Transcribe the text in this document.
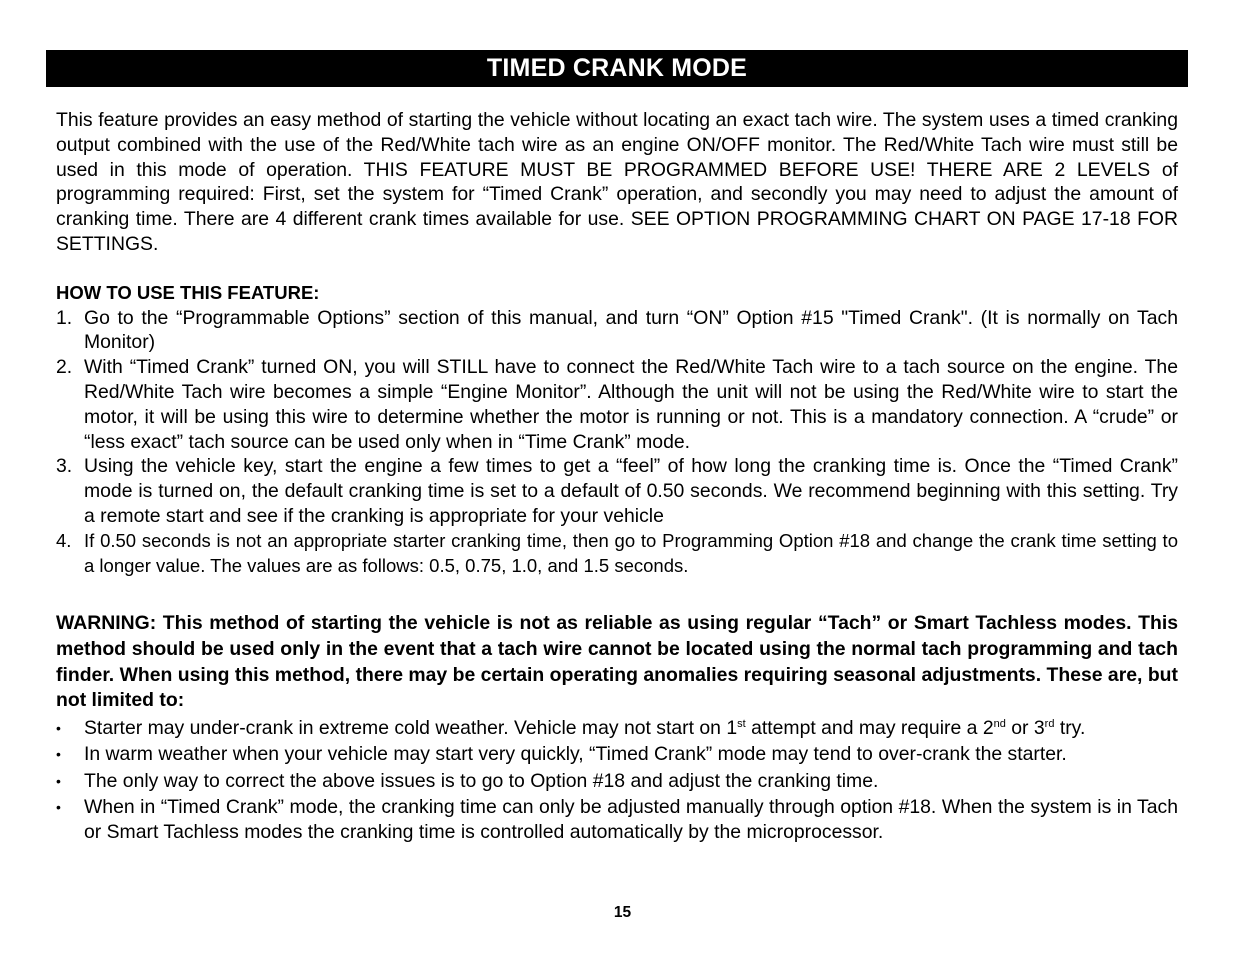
TIMED CRANK MODE

This feature provides an easy method of starting the vehicle without locating an exact tach wire. The system uses a timed cranking output combined with the use of the Red/White tach wire as an engine ON/OFF monitor. The Red/White Tach wire must still be used in this mode of operation. THIS FEATURE MUST BE PROGRAMMED BEFORE USE! THERE ARE 2 LEVELS of programming required: First, set the system for “Timed Crank” operation, and secondly you may need to adjust the amount of cranking time. There are 4 different crank times available for use. SEE OPTION PROGRAMMING CHART ON PAGE 17-18 FOR SETTINGS.

HOW TO USE THIS FEATURE:
1. Go to the “Programmable Options” section of this manual, and turn “ON” Option #15 "Timed Crank". (It is normally on Tach Monitor)
2. With “Timed Crank” turned ON, you will STILL have to connect the Red/White Tach wire to a tach source on the engine. The Red/White Tach wire becomes a simple “Engine Monitor”. Although the unit will not be using the Red/White wire to start the motor, it will be using this wire to determine whether the motor is running or not. This is a mandatory connection. A “crude” or “less exact” tach source can be used only when in “Time Crank” mode.
3. Using the vehicle key, start the engine a few times to get a “feel” of how long the cranking time is. Once the “Timed Crank” mode is turned on, the default cranking time is set to a default of 0.50 seconds. We recommend beginning with this setting. Try a remote start and see if the cranking is appropriate for your vehicle
4. If 0.50 seconds is not an appropriate starter cranking time, then go to Programming Option #18 and change the crank time setting to a longer value. The values are as follows: 0.5, 0.75, 1.0, and 1.5 seconds.

WARNING: This method of starting the vehicle is not as reliable as using regular “Tach” or Smart Tachless modes. This method should be used only in the event that a tach wire cannot be located using the normal tach programming and tach finder. When using this method, there may be certain operating anomalies requiring seasonal adjustments. These are, but not limited to:

•	Starter may under-crank in extreme cold weather. Vehicle may not start on 1st attempt and may require a 2nd or 3rd try.
•	In warm weather when your vehicle may start very quickly, “Timed Crank” mode may tend to over-crank the starter.
•	The only way to correct the above issues is to go to Option #18 and adjust the cranking time.
•	When in “Timed Crank” mode, the cranking time can only be adjusted manually through option #18. When the system is in Tach or Smart Tachless modes the cranking time is controlled automatically by the microprocessor.
15
